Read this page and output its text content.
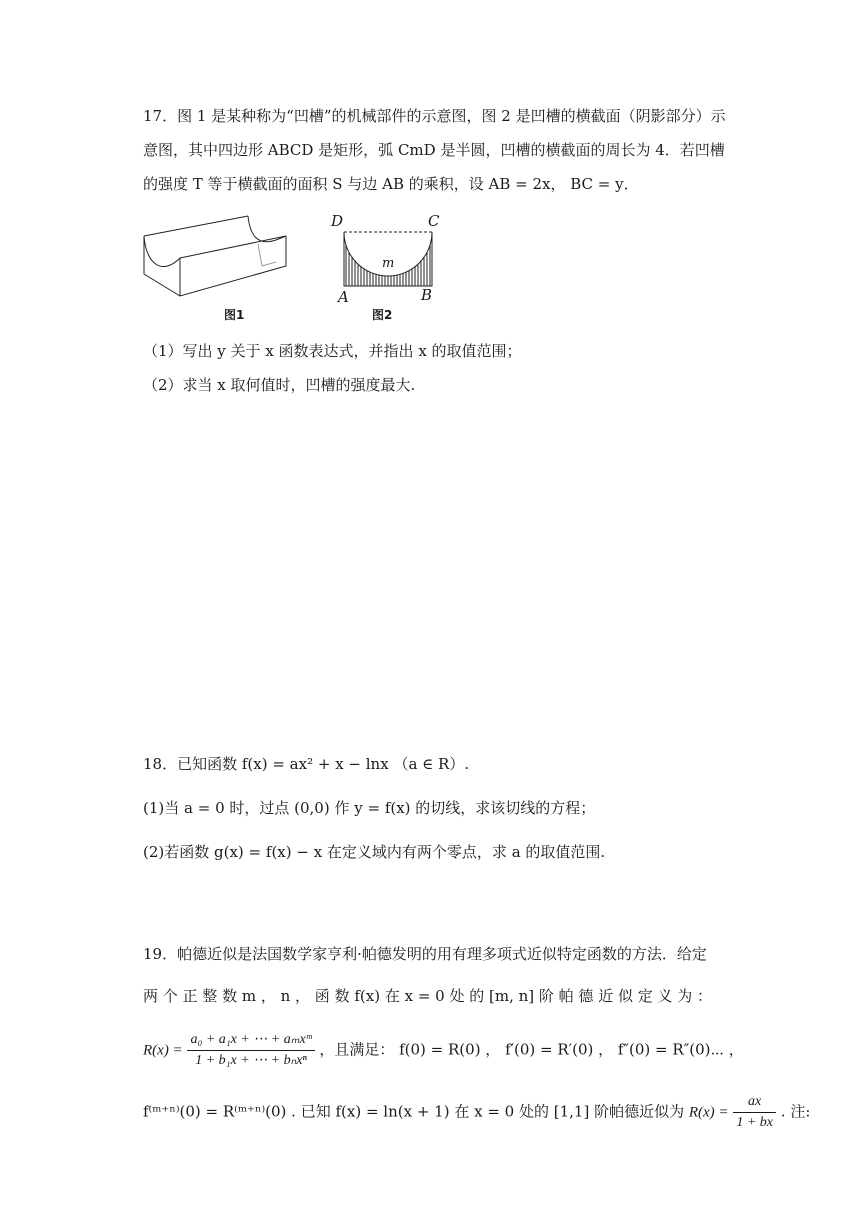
17．图 1 是某种称为“凹槽”的机械部件的示意图，图 2 是凹槽的横截面（阴影部分）示
意图，其中四边形 ABCD 是矩形，弧 CmD 是半圆，凹槽的横截面的周长为 4．若凹槽
的强度 T 等于横截面的面积 S 与边 AB 的乘积，设 AB = 2x， BC = y．
图1
D	C
m
A	B
图2
（1）写出 y 关于 x 函数表达式，并指出 x 的取值范围；
（2）求当 x 取何值时，凹槽的强度最大.
18．已知函数 f(x) = ax² + x − lnx （a ∈ R）.
(1)当 a = 0 时，过点 (0,0) 作 y = f(x) 的切线，求该切线的方程；
(2)若函数 g(x) = f(x) − x 在定义域内有两个零点，求 a 的取值范围.
19．帕德近似是法国数学家亨利·帕德发明的用有理多项式近似特定函数的方法．给定
两 个 正 整 数 m ， n ， 函 数 f(x) 在 x = 0 处 的 [m, n] 阶 帕 德 近 似 定 义 为 ：
$R(x) = \frac{\text{a₀ + a₁x + ⋯ + aₘxᵐ}}{\text{1 + b₁x + ⋯ + bₙxⁿ}}$ ，且满足： f(0) = R(0) ， f′(0) = R′(0) ， f″(0) = R″(0)⋯ ，
f⁽ᵐ⁺ⁿ⁾(0) = R⁽ᵐ⁺ⁿ⁾(0) . 已知 f(x) = ln(x + 1) 在 x = 0 处的 [1,1] 阶帕德近似为 $R(x) = \frac{ax}{1 + bx}$ . 注:
